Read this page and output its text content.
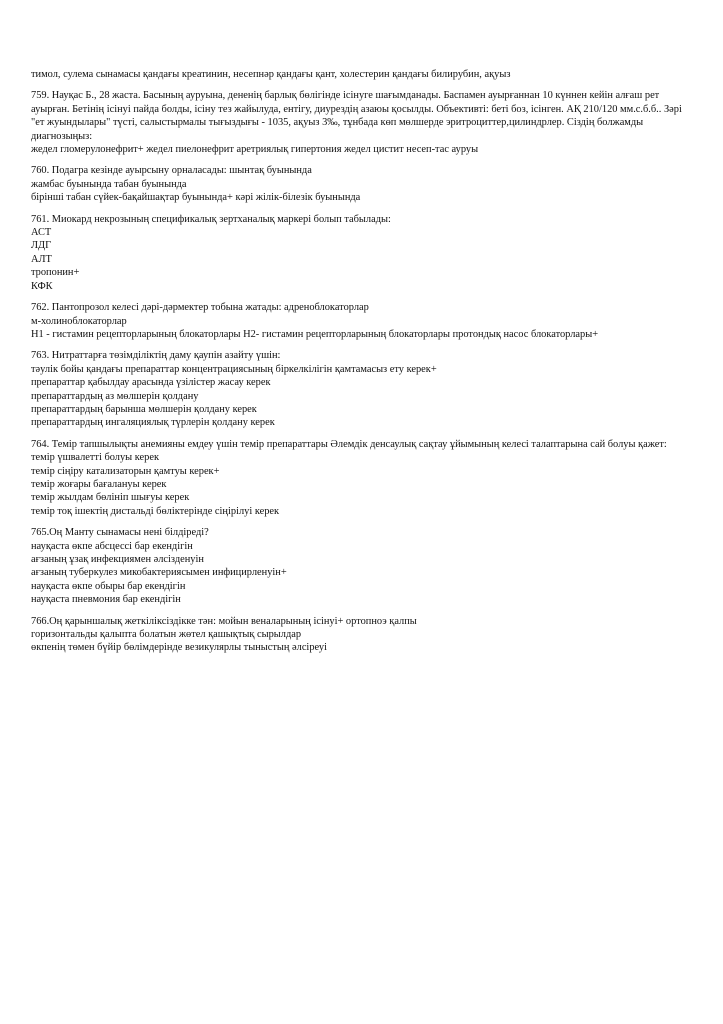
тимол, сулема сынамасы қандағы креатинин, несепнәр қандағы қант, холестерин қандағы билирубин, ақуыз
759. Науқас Б., 28 жаста. Басының ауруына, дененің барлық бөлігінде ісінуге шағымданады. Баспамен ауырғаннан 10 күннен кейін алғаш рет ауырған. Бетінің ісінуі пайда болды, ісіну тез жайылуда, ентігу, диурездің азаюы қосылды. Объективті: беті боз, ісінген. АҚ 210/120 мм.с.б.б.. Зәрі "ет жуындылары" түсті, салыстырмалы тығыздығы - 1035, ақуыз 3‰, тұнбада көп мөлшерде эритроциттер,цилиндрлер. Сіздің болжамды диагнозыңыз:
жедел гломерулонефрит+ жедел пиелонефрит аретриялық гипертония жедел цистит несеп-тас ауруы
760. Подагра кезінде ауырсыну орналасады: шынтақ буынында
жамбас буынында табан буынында
бірінші табан сүйек-бақайшақтар буынында+ кәрі жілік-білезік буынында
761. Миокард некрозының спецификалық зертханалық маркері болып табылады:
АСТ
ЛДГ
АЛТ
тропонин+
КФК
762. Пантопрозол келесі дәрі-дәрмектер тобына жатады: адреноблокаторлар
м-холиноблокаторлар
Н1 - гистамин рецепторларының блокаторлары Н2- гистамин рецепторларының блокаторлары протондық насос блокаторлары+
763. Нитраттарға төзімділіктің даму қаупін азайту үшін:
тәулік бойы қандағы препараттар концентрациясының біркелкілігін қамтамасыз ету керек+
препараттар қабылдау арасында үзілістер жасау керек
препараттардың аз мөлшерін қолдану
препараттардың барынша мөлшерін қолдану керек
препараттардың ингаляциялық түрлерін қолдану керек
764. Темір тапшылықты анемияны емдеу үшін темір препараттары Әлемдік денсаулық сақтау ұйымының келесі талаптарына сай болуы қажет:
темір үшвалетті болуы керек
темір сіңіру катализаторын қамтуы керек+
темір жоғары бағалануы керек
темір жылдам бөлініп шығуы керек
темір тоқ ішектің дистальді бөліктерінде сіңірілуі керек
765.Оң Манту сынамасы нені білдіреді?
науқаста өкпе абсцессі бар екендігін
ағзаның ұзақ инфекциямен әлсізденуін
ағзаның туберкулез микобактериясымен инфицирленуін+
науқаста өкпе обыры бар екендігін
науқаста пневмония бар екендігін
766.Оң қарыншалық жеткіліксіздікке тән: мойын веналарының ісінуі+ ортопноэ қалпы
горизонтальды қалыпта болатын жөтел қашықтық сырылдар
өкпенің төмен бүйір бөлімдерінде везикулярлы тыныстың әлсіреуі
